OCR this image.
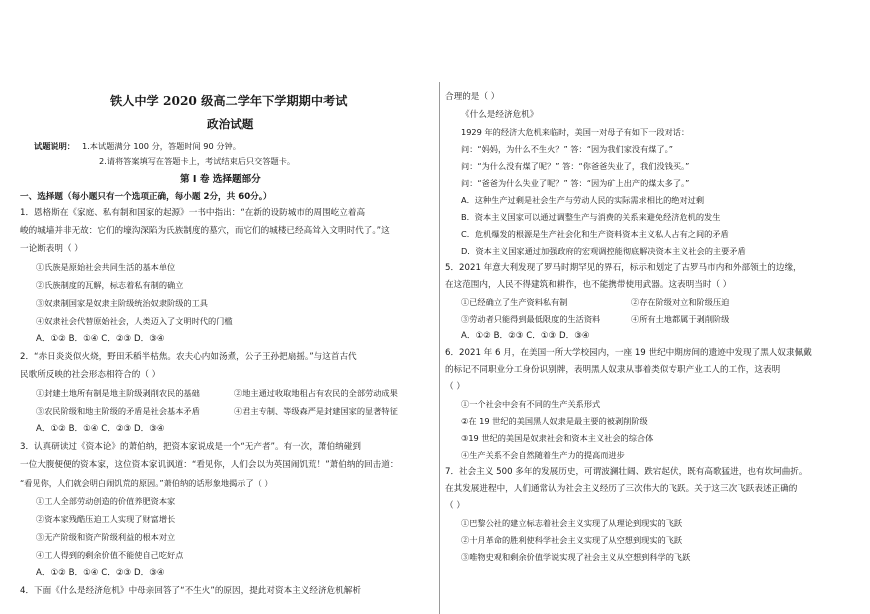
铁人中学 2020 级高二学年下学期期中考试
政治试题
试题说明： 1.本试题满分 100 分，答题时间 90 分钟。
2.请将答案填写在答题卡上，考试结束后只交答题卡。
第 I 卷 选择题部分
一、选择题（每小题只有一个选项正确，每小题 2分，共 60分。）
1．恩格斯在《家庭、私有制和国家的起源》一书中指出：“在新的设防城市的周围屹立着高
峻的城墙并非无故：它们的壕沟深陷为氏族制度的墓穴，而它们的城楼已经高耸入文明时代了。”这
一论断表明（ ）
①氏族是原始社会共同生活的基本单位
②氏族制度的瓦解，标志着私有制的确立
③奴隶制国家是奴隶主阶级统治奴隶阶级的工具
④奴隶社会代替原始社会，人类迈入了文明时代的门槛
A．①② B．①④ C．②③ D．③④
2．“赤日炎炎似火烧，野田禾稻半枯焦。农夫心内如汤煮，公子王孙把扇摇。”与这首古代
民歌所反映的社会形态相符合的（ ）
①封建土地所有制是地主阶级剥削农民的基础	②地主通过收取地租占有农民的全部劳动成果
③农民阶级和地主阶级的矛盾是社会基本矛盾	④君主专制、等级森严是封建国家的显著特征
A．①② B．①④ C．②③ D．③④
3．认真研读过《资本论》的萧伯纳，把资本家说成是一个“无产者”。有一次，萧伯纳碰到
一位大腹便便的资本家，这位资本家讥讽道：“看见你，人们会以为英国闹饥荒！”萧伯纳的回击道：
“看见你，人们就会明白闹饥荒的原因。”萧伯纳的话形象地揭示了（ ）
①工人全部劳动创造的价值养肥资本家
②资本家残酷压迫工人实现了财富增长
③无产阶级和资产阶级利益的根本对立
④工人得到的剩余价值不能使自己吃好点
A．①② B．①④ C．②③ D．③④
4．下面《什么是经济危机》中母亲回答了“不生火”的原因，提此对资本主义经济危机解析
合理的是（ ）
《什么是经济危机》
1929 年的经济大危机来临时，美国一对母子有如下一段对话：
问：“妈妈，为什么不生火？” 答：“因为我们家没有煤了。”
问：“为什么没有煤了呢？” 答：“你爸爸失业了，我们没钱买。”
问：“爸爸为什么失业了呢？” 答：“因为矿上出产的煤太多了。”
A．这种生产过剩是社会生产与劳动人民的实际需求相比的绝对过剩
B．资本主义国家可以通过调整生产与消费的关系来避免经济危机的发生
C．危机爆发的根源是生产社会化和生产资料资本主义私人占有之间的矛盾
D．资本主义国家通过加强政府的宏观调控能彻底解决资本主义社会的主要矛盾
5．2021 年意大利发现了罗马时期罕见的界石，标示和划定了古罗马市内和外部领土的边缘，
在这范围内，人民不得建筑和耕作，也不能携带使用武器。这表明当时（ ）
①已经确立了生产资料私有制	②存在阶级对立和阶级压迫
③劳动者只能得到最低限度的生活资料	④所有土地都属于剥削阶级
A．①② B．②③ C．①③ D．③④
6．2021 年 6 月，在美国一所大学校园内，一座 19 世纪中期房间的遗迹中发现了黑人奴隶佩戴
的标记不同职业分工身份识别牌，表明黑人奴隶从事着类似专职产业工人的工作，这表明
（ ）
①一个社会中会有不同的生产关系形式
②在 19 世纪的美国黑人奴隶是最主要的被剥削阶级
③19 世纪的美国是奴隶社会和资本主义社会的综合体
④生产关系不会自然随着生产力的提高而进步
7．社会主义 500 多年的发展历史，可谓波澜壮阔、跌宕起伏，既有高歌猛进，也有坎坷曲折。
在其发展进程中，人们通常认为社会主义经历了三次伟大的飞跃。关于这三次飞跃表述正确的
（ ）
①巴黎公社的建立标志着社会主义实现了从理论到现实的飞跃
②十月革命的胜利使科学社会主义实现了从空想到现实的飞跃
③唯物史观和剩余价值学说实现了社会主义从空想到科学的飞跃
